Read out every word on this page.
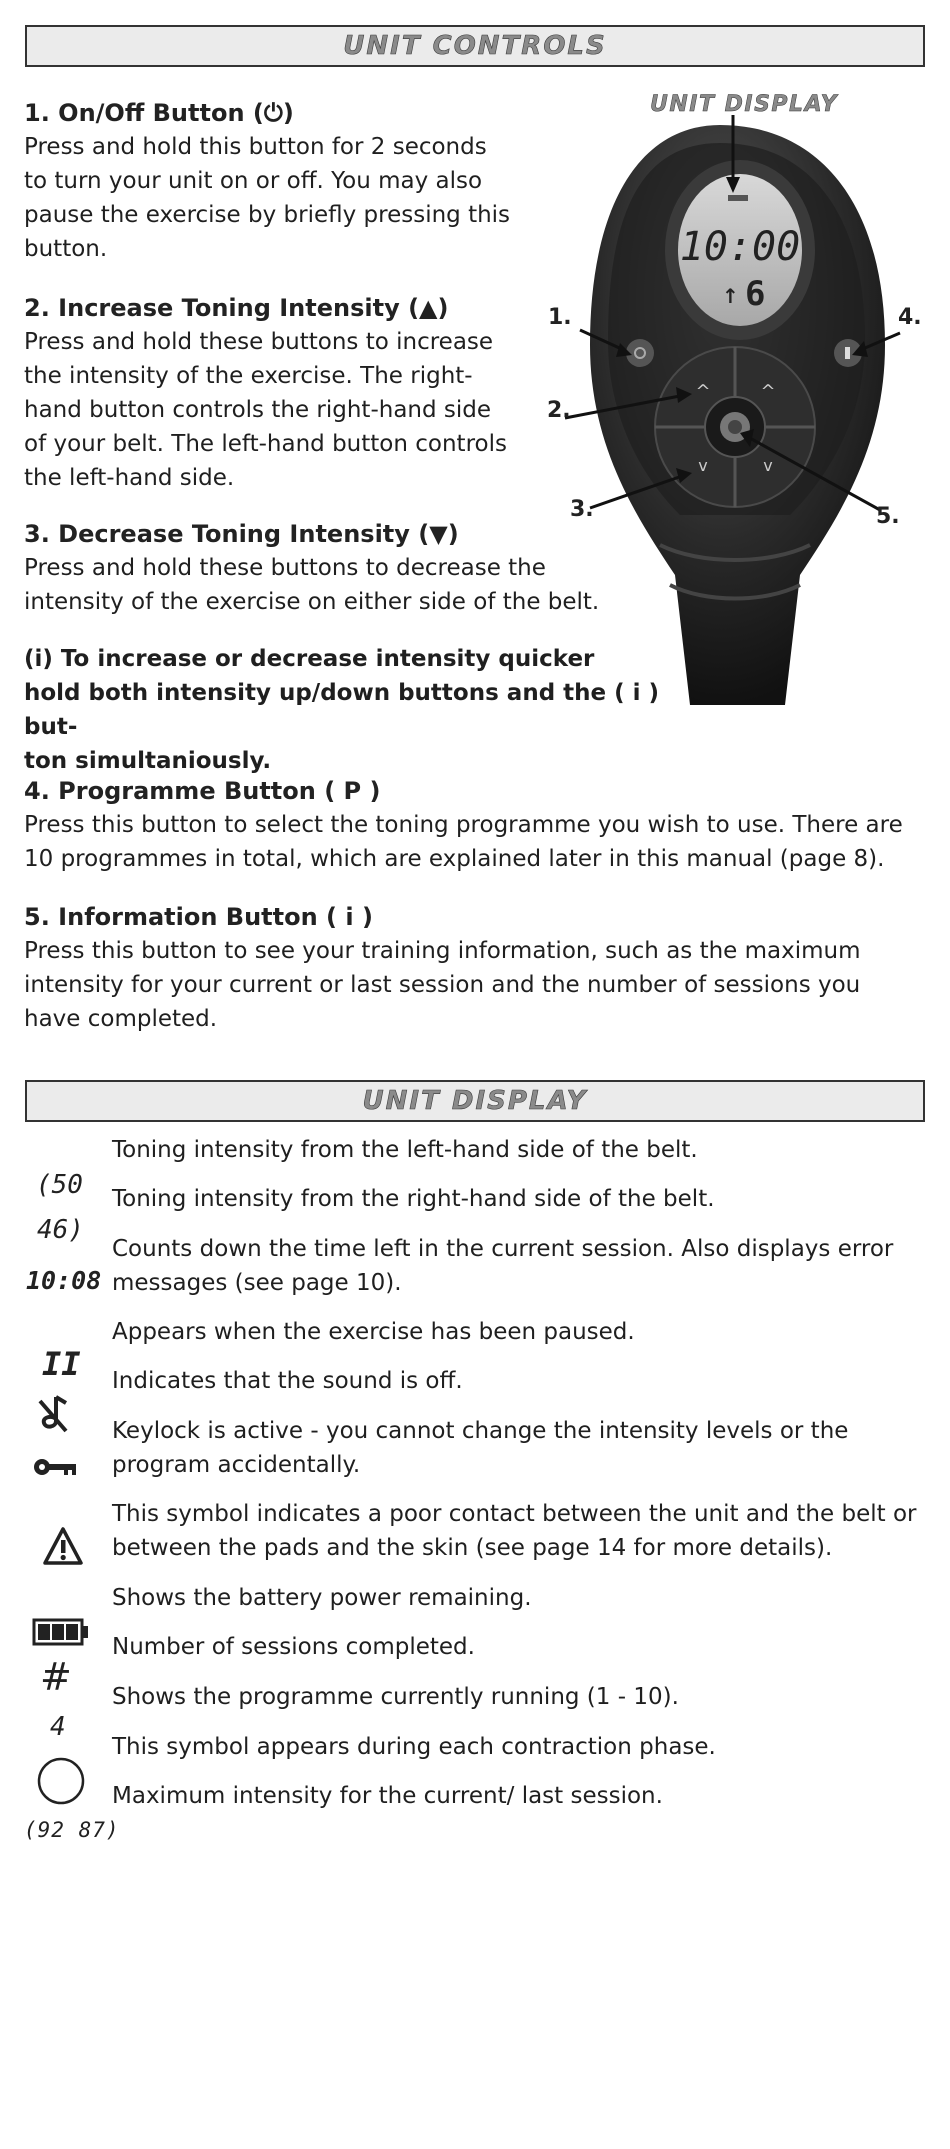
UNIT CONTROLS
1. On/Off Button (⏻)

Press and hold this button for 2 seconds

to turn your unit on or off. You may also

pause the exercise by briefly pressing this

button.

2. Increase Toning Intensity (▲)

Press and hold these buttons to increase

the intensity of the exercise. The right-

hand button controls the right-hand side

of your belt. The left-hand button controls

the left-hand side.

3. Decrease Toning Intensity (▼)

Press and hold these buttons to decrease the

intensity of the exercise on either side of the belt.

(i) To increase or decrease intensity quicker

hold both intensity up/down buttons and the ( i ) but-

ton simultaniously.

UNIT DISPLAY
10:00
↑ 6
^	^
v	v
1.
2.
3.
4.
5.
4. Programme Button ( P )

Press this button to select the toning programme you wish to use. There are

10 programmes in total, which are explained later in this manual (page 8).

5. Information Button ( i )

Press this button to see your training information, such as the maximum

intensity for your current or last session and the number of sessions you

have completed.

UNIT DISPLAY
Toning intensity from the left-hand side of the belt.
Toning intensity from the right-hand side of the belt.
Counts down the time left in the current session. Also displays error messages (see page 10).
Appears when the exercise has been paused.
Indicates that the sound is off.
Keylock is active - you cannot change the intensity levels or the program accidentally.
This symbol indicates a poor contact between the unit and the belt or between the pads and the skin (see page 14 for more details).
Shows the battery power remaining.
Number of sessions completed.
Shows the programme currently running (1 - 10).
This symbol appears during each contraction phase.
Maximum intensity for the current/ last session.
(50
46)
10:08
II
#
4
(92 87)
